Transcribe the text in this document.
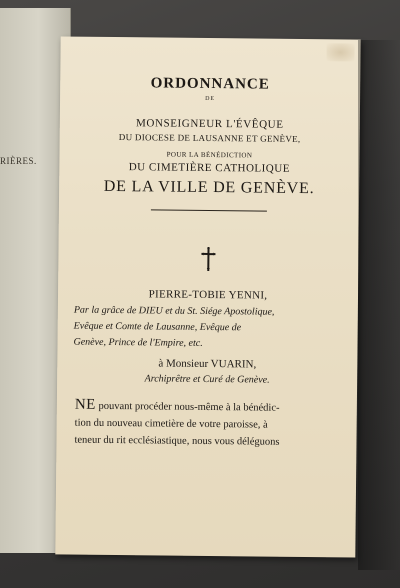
RIÈRES.
ORDONNANCE
DE
MONSEIGNEUR L'ÉVÊQUE
DU DIOCESE DE LAUSANNE ET GENÈVE,
POUR LA BÉNÉDICTION
DU CIMETIÈRE CATHOLIQUE
DE LA VILLE DE GENÈVE.
PIERRE-TOBIE YENNI,
Par la grâce de DIEU et du St. Siége Apostolique,
Evêque et Comte de Lausanne, Evêque de
Genève, Prince de l'Empire, etc.
à Monsieur VUARIN,
Archiprêtre et Curé de Genève.
NE pouvant procéder nous-même à la bénédic-
tion du nouveau cimetière de votre paroisse, à
teneur du rit ecclésiastique, nous vous déléguons
